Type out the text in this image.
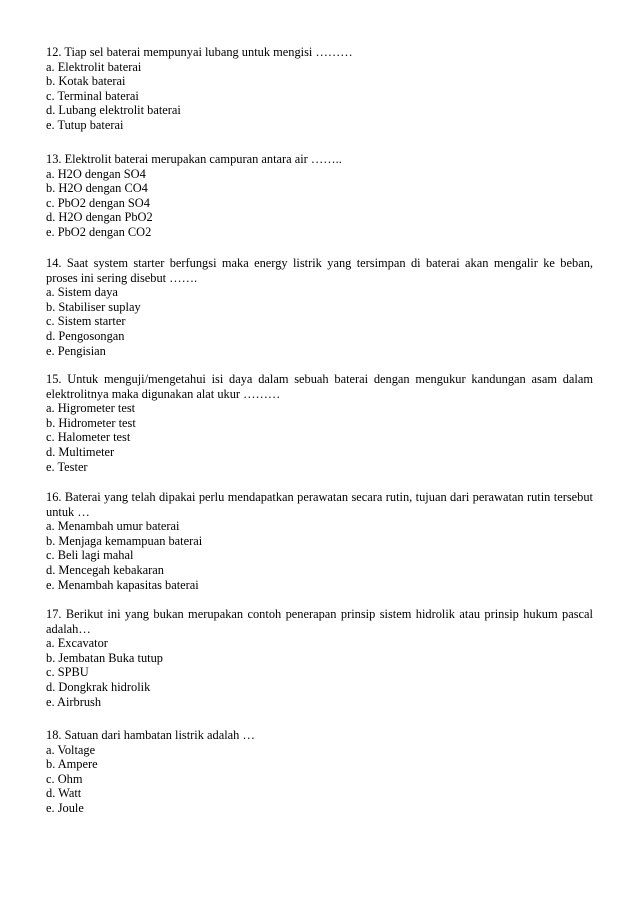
12. Tiap sel baterai mempunyai lubang untuk mengisi ………

a. Elektrolit baterai
b. Kotak baterai
c. Terminal baterai
d. Lubang elektrolit baterai
e. Tutup baterai

13. Elektrolit baterai merupakan campuran antara air ……..

a. H2O dengan SO4
b. H2O dengan CO4
c. PbO2 dengan SO4
d. H2O dengan PbO2
e. PbO2 dengan CO2

14. Saat system starter berfungsi maka energy listrik yang tersimpan di baterai akan mengalir ke beban, proses ini sering disebut …….

a. Sistem daya
b. Stabiliser suplay
c. Sistem starter
d. Pengosongan
e. Pengisian

15. Untuk menguji/mengetahui isi daya dalam sebuah baterai dengan mengukur kandungan asam dalam elektrolitnya maka digunakan alat ukur ………

a. Higrometer test
b. Hidrometer test
c. Halometer test
d. Multimeter
e. Tester

16. Baterai yang telah dipakai perlu mendapatkan perawatan secara rutin, tujuan dari perawatan rutin tersebut untuk …

a. Menambah umur baterai
b. Menjaga kemampuan baterai
c. Beli lagi mahal
d. Mencegah kebakaran
e. Menambah kapasitas baterai

17. Berikut ini yang bukan merupakan contoh penerapan prinsip sistem hidrolik atau prinsip hukum pascal adalah…

a. Excavator
b. Jembatan Buka tutup
c. SPBU
d. Dongkrak hidrolik
e. Airbrush

18. Satuan dari hambatan listrik adalah …

a. Voltage
b. Ampere
c. Ohm
d. Watt
e. Joule
